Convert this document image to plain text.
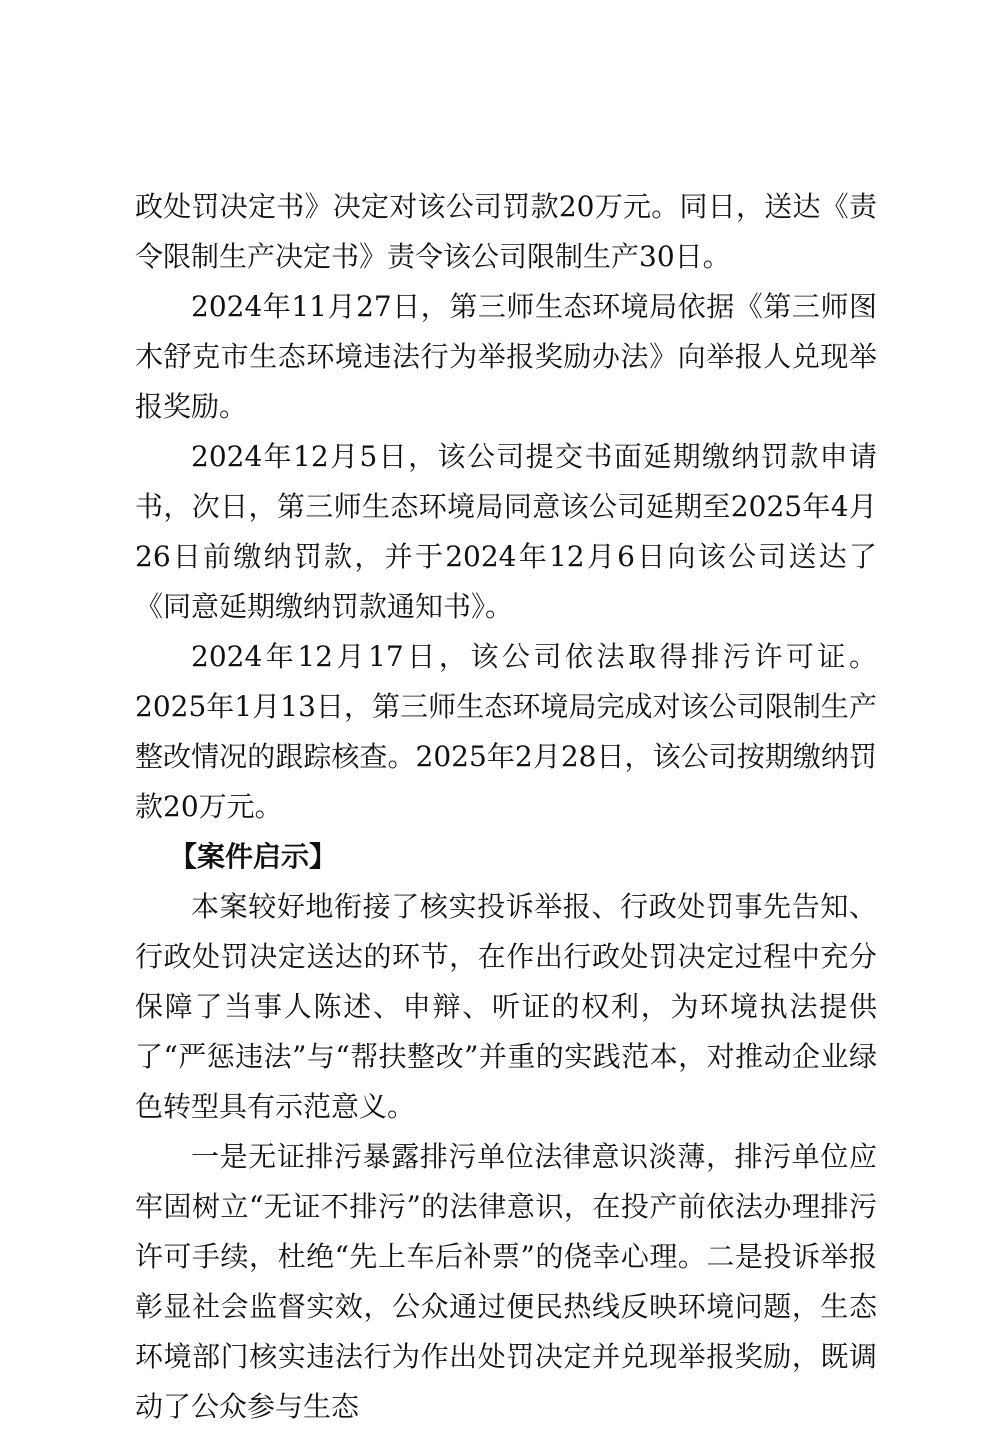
政处罚决定书》决定对该公司罚款20万元。同日，送达《责令限制生产决定书》责令该公司限制生产30日。

2024年11月27日，第三师生态环境局依据《第三师图木舒克市生态环境违法行为举报奖励办法》向举报人兑现举报奖励。

2024年12月5日，该公司提交书面延期缴纳罚款申请书，次日，第三师生态环境局同意该公司延期至2025年4月26日前缴纳罚款，并于2024年12月6日向该公司送达了《同意延期缴纳罚款通知书》。

2024年12月17日，该公司依法取得排污许可证。2025年1月13日，第三师生态环境局完成对该公司限制生产整改情况的跟踪核查。2025年2月28日，该公司按期缴纳罚款20万元。

【案件启示】

本案较好地衔接了核实投诉举报、行政处罚事先告知、行政处罚决定送达的环节，在作出行政处罚决定过程中充分保障了当事人陈述、申辩、听证的权利，为环境执法提供了“严惩违法”与“帮扶整改”并重的实践范本，对推动企业绿色转型具有示范意义。

一是无证排污暴露排污单位法律意识淡薄，排污单位应牢固树立“无证不排污”的法律意识，在投产前依法办理排污许可手续，杜绝“先上车后补票”的侥幸心理。二是投诉举报彰显社会监督实效，公众通过便民热线反映环境问题，生态环境部门核实违法行为作出处罚决定并兑现举报奖励，既调动了公众参与生态
